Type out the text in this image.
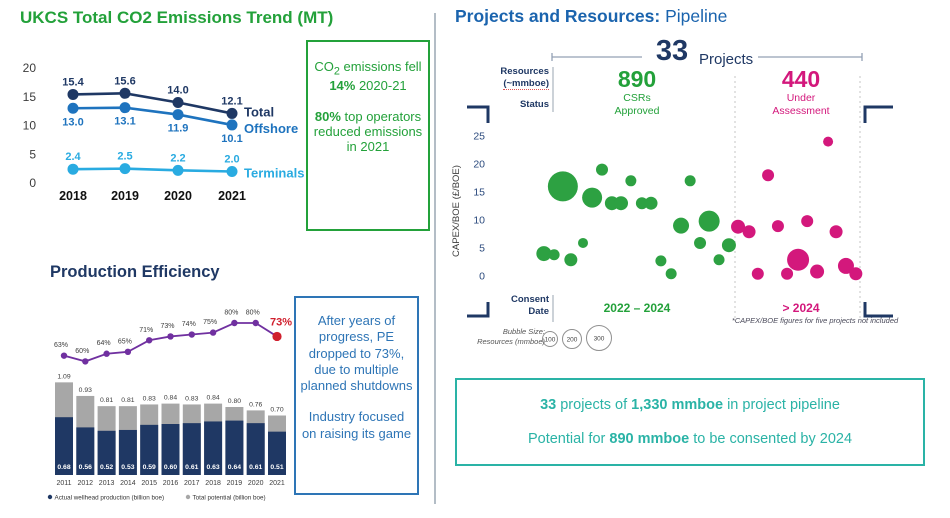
UKCS Total CO2 Emissions Trend (MT)
0
5
10
15
20
2018 2019 2020 2021
15.4	15.6
14.0
12.1
Total
13.0	13.1
11.9
10.1
Offshore
2.4	2.5	2.2	2.0
Terminals

$CO_2$ emissions fell 14% 2020-21

80% top operators reduced emissions in 2021

Production Efficiency
1.09
0.68
2011
0.93
0.56
2012
0.81
0.52
2013
0.81
0.53
2014
0.83
0.59
2015
0.84
0.60
2016
0.83
0.61
2017
0.84
0.63
2018
0.80
0.64
2019
0.76
0.61
2020
0.70
0.51
2021
63%
60%
64% 65%
71%
73% 74% 75%
80% 80%
73%
Actual wellhead production (billion boe)	Total potential (billion boe)

After years of progress, PE dropped to 73%, due to multiple planned shutdowns

Industry focused on raising its game

100 200 300
Projects and Resources: Pipeline
33 Projects
Resources
(~mmboe)
Status
890
CSRs
Approved
440
Under
Assessment
0
5
10
15
20
25
CAPEX/BOE (£/BOE)
Consent
Date	2022 – 2024	> 2024
*CAPEX/BOE figures for five projects not included
Bubble Size:
Resources (mmboe)
33 projects of 1,330 mmboe in project pipeline
Potential for 890 mmboe to be consented by 2024
